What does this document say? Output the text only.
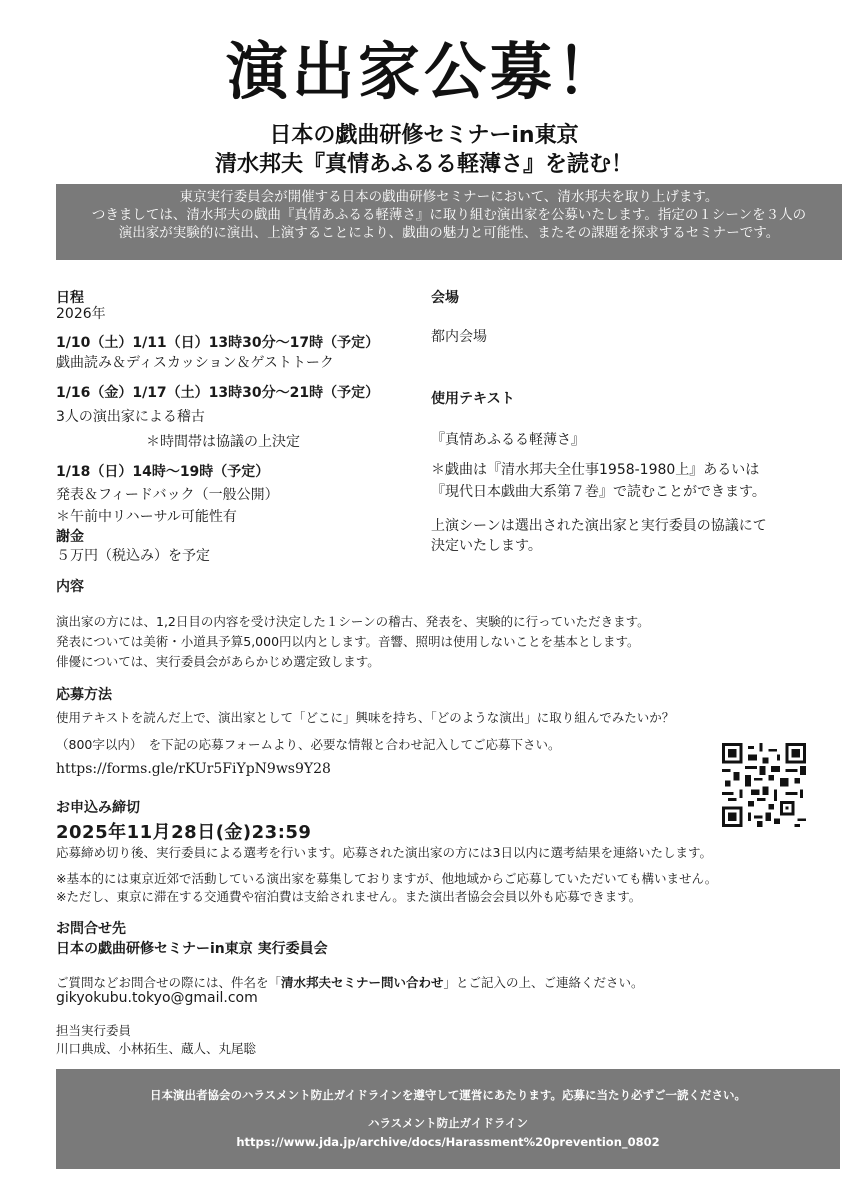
演出家公募！
日本の戯曲研修セミナーin東京
清水邦夫『真情あふるる軽薄さ』を読む！
東京実行委員会が開催する日本の戯曲研修セミナーにおいて、清水邦夫を取り上げます。
つきましては、清水邦夫の戯曲『真情あふるる軽薄さ』に取り組む演出家を公募いたします。指定の１シーンを３人の
演出家が実験的に演出、上演することにより、戯曲の魅力と可能性、またその課題を探求するセミナーです。
日程
2026年
1/10（土）1/11（日）13時30分〜17時（予定）
戯曲読み＆ディスカッション＆ゲストトーク
1/16（金）1/17（土）13時30分〜21時（予定）
3人の演出家による稽古
＊時間帯は協議の上決定
1/18（日）14時〜19時（予定）
発表＆フィードバック（一般公開）
＊午前中リハーサル可能性有
謝金
５万円（税込み）を予定
会場
都内会場
使用テキスト
『真情あふるる軽薄さ』
＊戯曲は『清水邦夫全仕事1958-1980上』あるいは
『現代日本戯曲大系第７巻』で読むことができます。
上演シーンは選出された演出家と実行委員の協議にて
決定いたします。
内容
演出家の方には、1,2日目の内容を受け決定した１シーンの稽古、発表を、実験的に行っていただきます。
発表については美術・小道具予算5,000円以内とします。音響、照明は使用しないことを基本とします。
俳優については、実行委員会があらかじめ選定致します。
応募方法
使用テキストを読んだ上で、演出家として「どこに」興味を持ち、「どのような演出」に取り組んでみたいか？
（800字以内）　を下記の応募フォームより、必要な情報と合わせ記入してご応募下さい。
https://forms.gle/rKUr5FiYpN9ws9Y28
お申込み締切
2025年11月28日(金)23:59
応募締め切り後、実行委員による選考を行います。応募された演出家の方には3日以内に選考結果を連絡いたします。
※基本的には東京近郊で活動している演出家を募集しておりますが、他地域からご応募していただいても構いません。
※ただし、東京に滞在する交通費や宿泊費は支給されません。また演出者協会会員以外も応募できます。
お問合せ先
日本の戯曲研修セミナーin東京 実行委員会
ご質問などお問合せの際には、件名を「清水邦夫セミナー問い合わせ」とご記入の上、ご連絡ください。
gikyokubu.tokyo@gmail.com
担当実行委員
川口典成、小林拓生、蔵人、丸尾聡
日本演出者協会のハラスメント防止ガイドラインを遵守して運営にあたります。応募に当たり必ずご一読ください。
ハラスメント防止ガイドライン
https://www.jda.jp/archive/docs/Harassment%20prevention_0802
